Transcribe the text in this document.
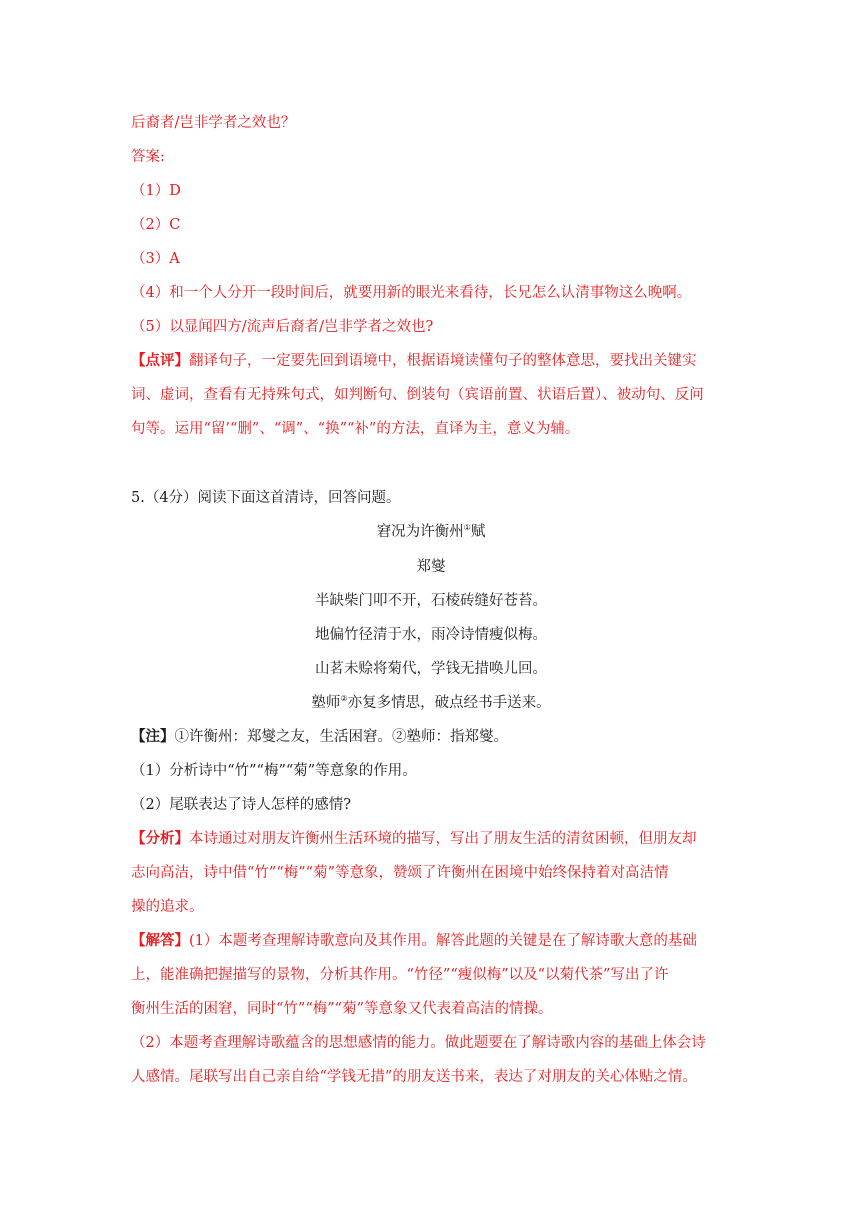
后裔者/岂非学者之效也？
答案:
（1）D
（2）C
（3）A
（4）和一个人分开一段时间后，就要用新的眼光来看待，长兄怎么认清事物这么晚啊。
（5）以显闻四方/流声后裔者/岂非学者之效也?
【点评】翻译句子，一定要先回到语境中，根据语境读懂句子的整体意思，要找出关键实
词、虚词，查看有无持殊句式，如判断句、倒装句（宾语前置、状语后置）、被动句、反问
句等。运用“留’“删”、“调”、“换”“补”的方法，直译为主，意义为辅。
5.（4分）阅读下面这首清诗，回答问题。
窘况为许衡州①赋
郑燮
半缺柴门叩不开，石棱砖缝好苍苔。
地偏竹径清于水，雨冷诗情瘦似梅。
山茗未赊将菊代，学钱无措唤儿回。
塾师②亦复多情思，破点经书手送来。
【注】①许衡州：郑燮之友，生活困窘。②塾师：指郑燮。
（1）分析诗中“竹”“梅”“菊”等意象的作用。
（2）尾联表达了诗人怎样的感情?
【分析】本诗通过对朋友许衡州生活环境的描写，写出了朋友生活的清贫困顿，但朋友却
志向高洁，诗中借“竹”“梅”“菊”等意象，赞颂了许衡州在困境中始终保持着对高洁情
操的追求。
【解答】(1）本题考查理解诗歌意向及其作用。解答此题的关键是在了解诗歌大意的基础
上，能准确把握描写的景物，分析其作用。“竹径”“瘦似梅”以及“以菊代茶”写出了许
衡州生活的困窘，同时“竹”“梅”“菊”等意象又代表着高洁的情操。
（2）本题考查理解诗歌蕴含的思想感情的能力。做此题要在了解诗歌内容的基础上体会诗
人感情。尾联写出自己亲自给“学钱无措”的朋友送书来，表达了对朋友的关心体贴之情。
